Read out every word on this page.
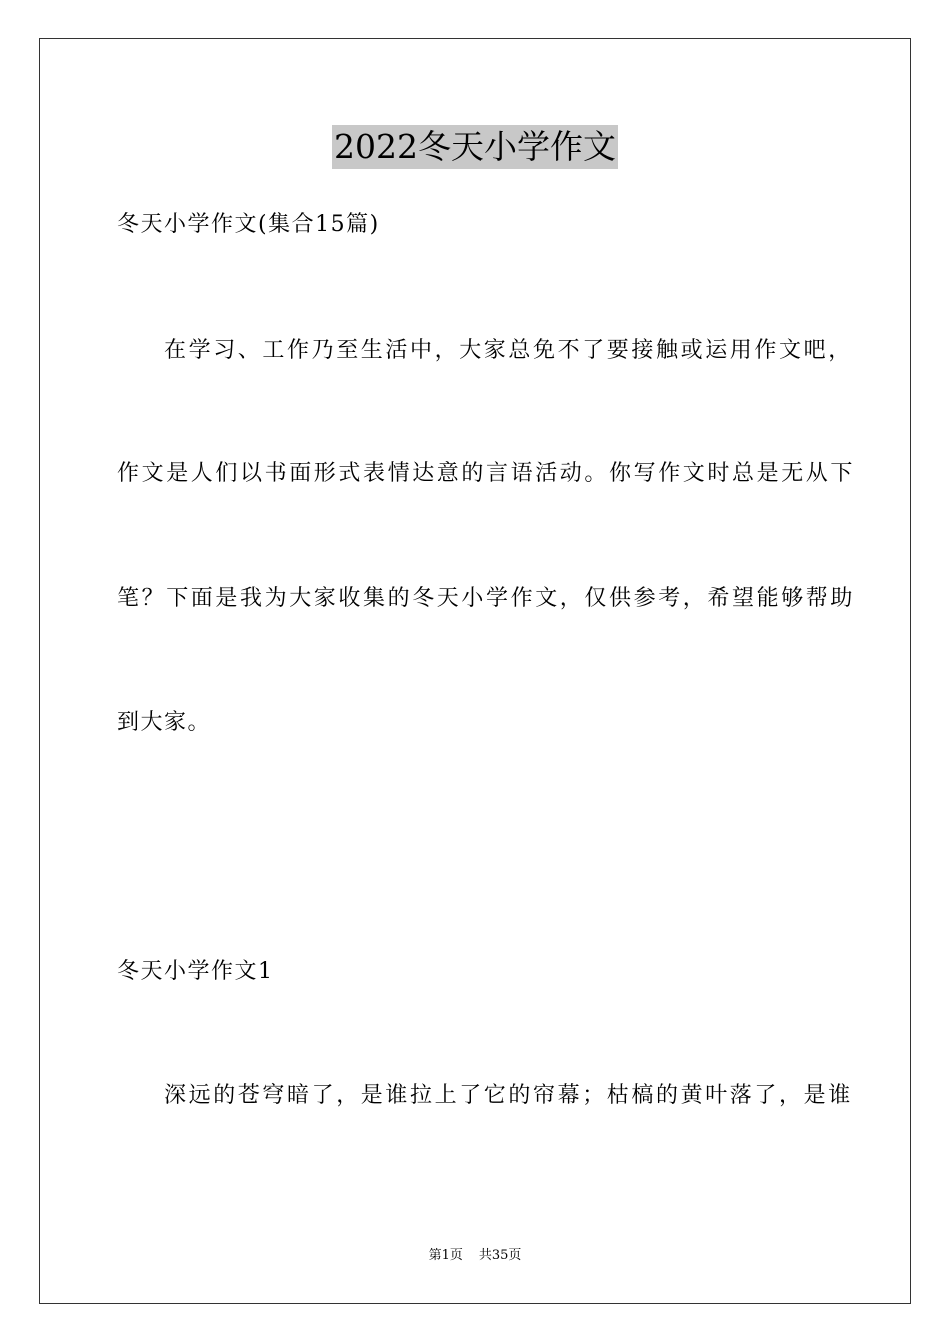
2022冬天小学作文
冬天小学作文(集合15篇)
在学习、工作乃至生活中，大家总免不了要接触或运用作文吧，
作文是人们以书面形式表情达意的言语活动。你写作文时总是无从下
笔？下面是我为大家收集的冬天小学作文，仅供参考，希望能够帮助
到大家。
冬天小学作文1
深远的苍穹暗了，是谁拉上了它的帘幕；枯槁的黄叶落了，是谁
第1页 共35页
